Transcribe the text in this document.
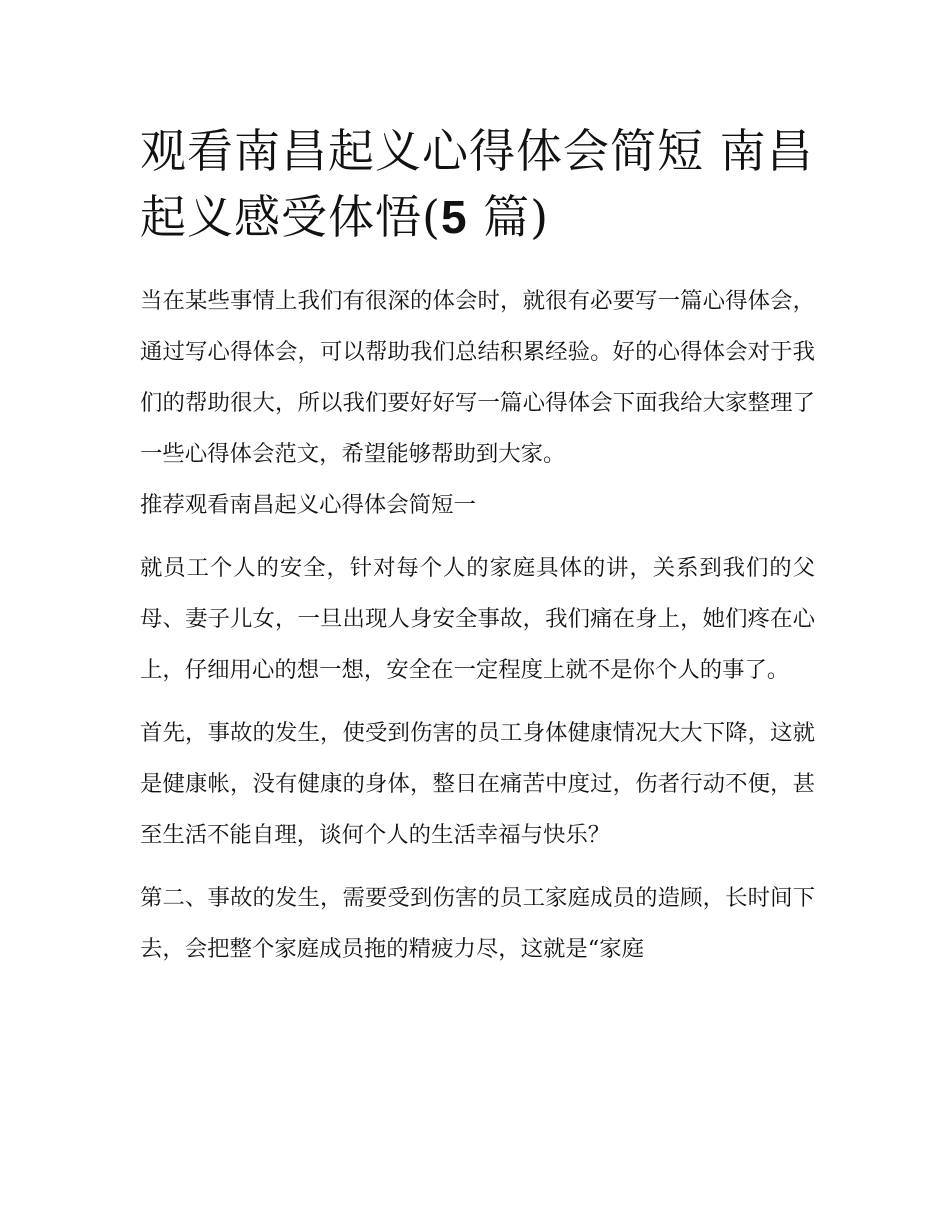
观看南昌起义心得体会简短 南昌起义感受体悟(5 篇)

当在某些事情上我们有很深的体会时，就很有必要写一篇心得体会，通过写心得体会，可以帮助我们总结积累经验。好的心得体会对于我们的帮助很大，所以我们要好好写一篇心得体会下面我给大家整理了一些心得体会范文，希望能够帮助到大家。

推荐观看南昌起义心得体会简短一

就员工个人的安全，针对每个人的家庭具体的讲，关系到我们的父母、妻子儿女，一旦出现人身安全事故，我们痛在身上，她们疼在心上，仔细用心的想一想，安全在一定程度上就不是你个人的事了。

首先，事故的发生，使受到伤害的员工身体健康情况大大下降，这就是健康帐，没有健康的身体，整日在痛苦中度过，伤者行动不便，甚至生活不能自理，谈何个人的生活幸福与快乐？

第二、事故的发生，需要受到伤害的员工家庭成员的造顾，长时间下去，会把整个家庭成员拖的精疲力尽，这就是“家庭
